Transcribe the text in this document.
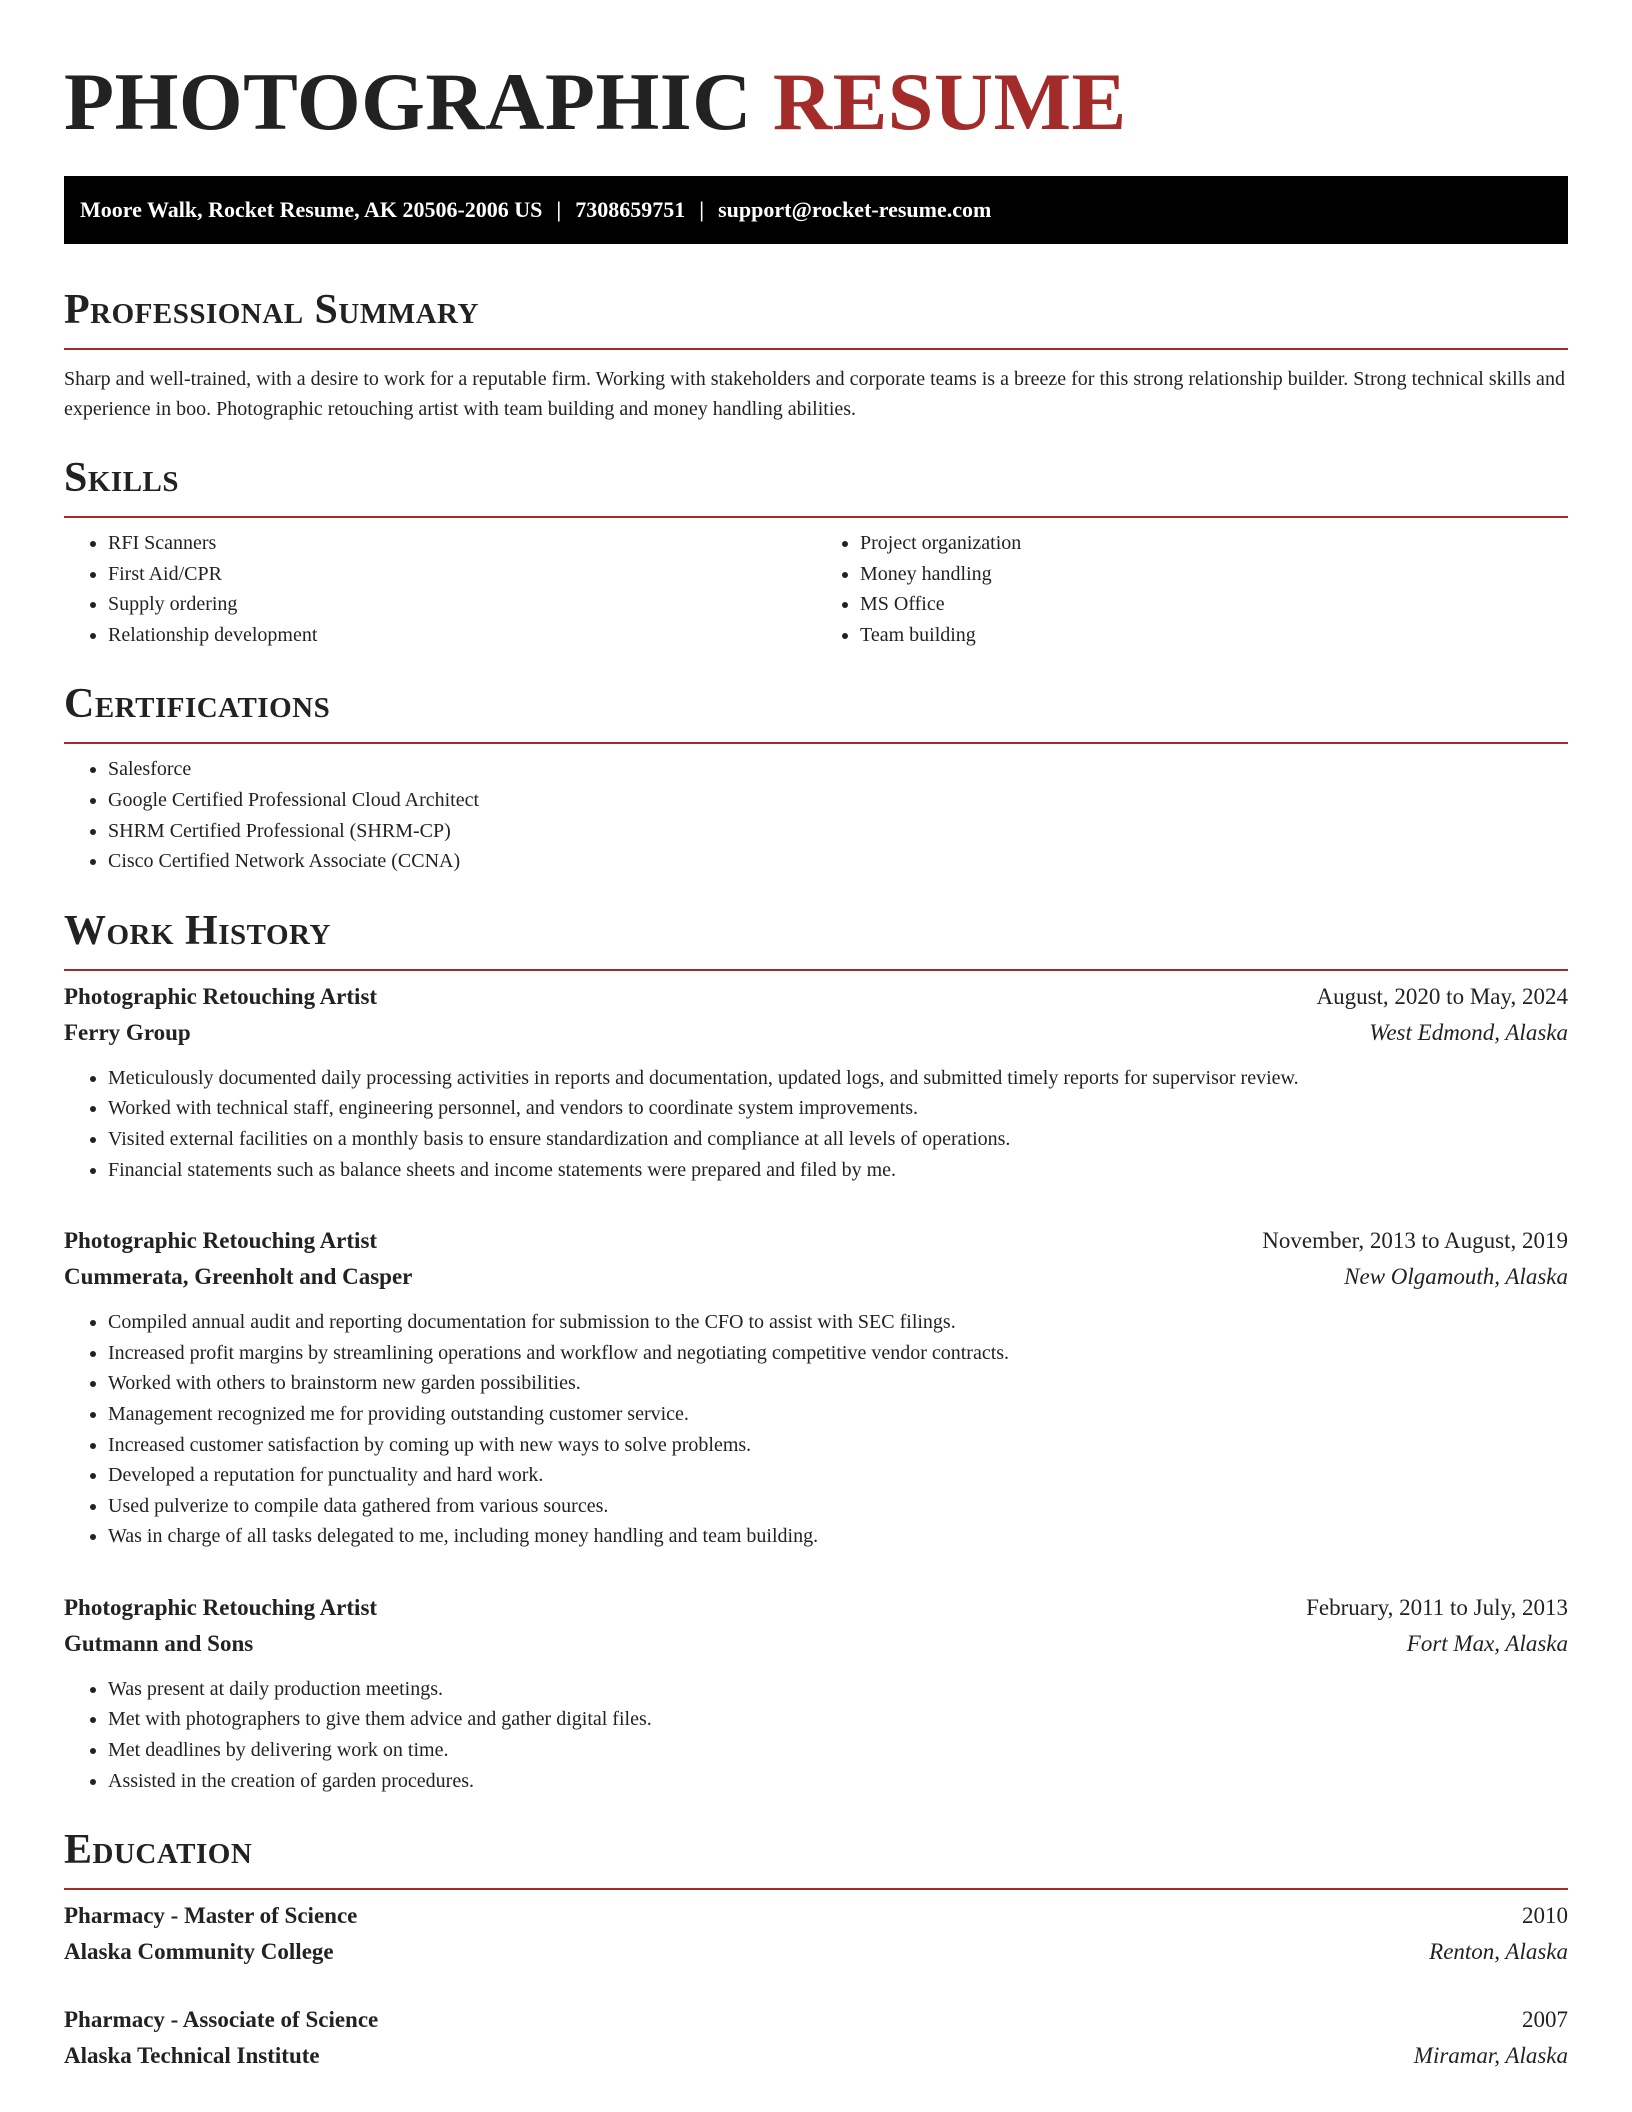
PHOTOGRAPHIC RESUME
Moore Walk, Rocket Resume, AK 20506-2006 US | 7308659751 | support@rocket-resume.com
Professional Summary

Sharp and well-trained, with a desire to work for a reputable firm. Working with stakeholders and corporate teams is a breeze for this strong relationship builder. Strong technical skills and experience in boo. Photographic retouching artist with team building and money handling abilities.

Skills
• RFI Scanners
• First Aid/CPR
• Supply ordering
• Relationship development
• Project organization
• Money handling
• MS Office
• Team building
Certifications
• Salesforce
• Google Certified Professional Cloud Architect
• SHRM Certified Professional (SHRM-CP)
• Cisco Certified Network Associate (CCNA)
Work History
Photographic Retouching Artist	August, 2020 to May, 2024
Ferry Group	West Edmond, Alaska
• Meticulously documented daily processing activities in reports and documentation, updated logs, and submitted timely reports for supervisor review.
• Worked with technical staff, engineering personnel, and vendors to coordinate system improvements.
• Visited external facilities on a monthly basis to ensure standardization and compliance at all levels of operations.
• Financial statements such as balance sheets and income statements were prepared and filed by me.
Photographic Retouching Artist	November, 2013 to August, 2019
Cummerata, Greenholt and Casper	New Olgamouth, Alaska
• Compiled annual audit and reporting documentation for submission to the CFO to assist with SEC filings.
• Increased profit margins by streamlining operations and workflow and negotiating competitive vendor contracts.
• Worked with others to brainstorm new garden possibilities.
• Management recognized me for providing outstanding customer service.
• Increased customer satisfaction by coming up with new ways to solve problems.
• Developed a reputation for punctuality and hard work.
• Used pulverize to compile data gathered from various sources.
• Was in charge of all tasks delegated to me, including money handling and team building.
Photographic Retouching Artist	February, 2011 to July, 2013
Gutmann and Sons	Fort Max, Alaska
• Was present at daily production meetings.
• Met with photographers to give them advice and gather digital files.
• Met deadlines by delivering work on time.
• Assisted in the creation of garden procedures.
Education
Pharmacy - Master of Science	2010
Alaska Community College	Renton, Alaska
Pharmacy - Associate of Science	2007
Alaska Technical Institute	Miramar, Alaska
